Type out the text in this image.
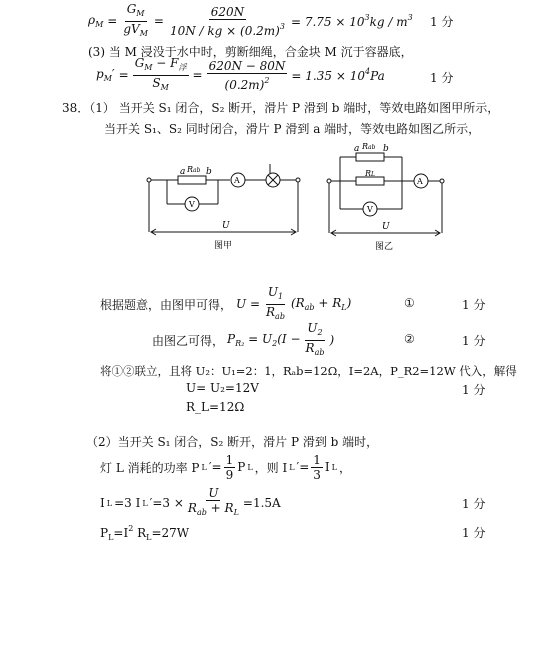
$\rho_M = \frac{G_M}{gV_M} = \frac{620N}{10N / kg \times (0.2m)^3} = 7.75 \times 10^3kg / m^3$ 1 分
(3) 当 M 浸没于水中时，剪断细绳，合金块 M 沉于容器底，
$p_M' = \frac{G_M - F_浮}{S_M} = \frac{620N - 80N}{(0.2m)^2} = 1.35 \times 10^4Pa$	1 分
38．（1） 当开关 S₁ 闭合，S₂ 断开，滑片 P 滑到 b 端时，等效电路如图甲所示，
当开关 S₁、S₂ 同时闭合，滑片 P 滑到 a 端时，等效电路如图乙所示，
a Rab b
A
V
U
图甲
a Rab b
RL
A
V
U
图乙
根据题意，由图甲可得， $U = \frac{U_1}{R_{ab}} (R_{ab} + R_L)$	①	1 分
由图乙可得， $P_{R_2} = U_2(I - \frac{U_2}{R_{ab}}$ )	②	1 分
将①②联立，且将 U₂：U₁=2：1，Rₐb=12Ω，I=2A，P_R2=12W 代入，解得
U= U₂=12V	1 分
R_L=12Ω
（2）当开关 S₁ 闭合，S₂ 断开，滑片 P 滑到 b 端时，
灯 L 消耗的功率 P L ′= $\frac{1}{9}$ P L ，则 I L ′= $\frac{1}{3}$ I L ，
I L =3 I L $'=3 \times \frac{U}{R_{ab} + R_L} =1.5A$	1 分
$P_L=I^2$ $R_L=27W$	1 分
